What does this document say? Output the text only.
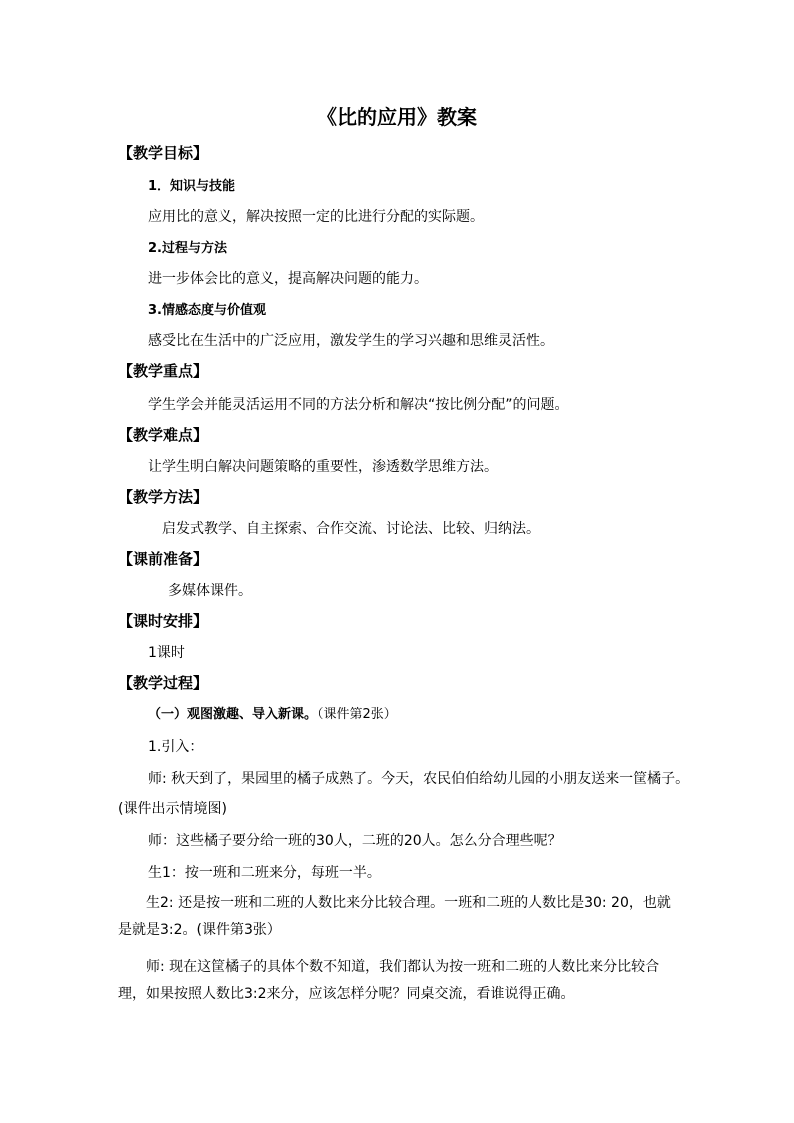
《比的应用》教案
【教学目标】
1．知识与技能
应用比的意义，解决按照一定的比进行分配的实际题。
2.过程与方法
进一步体会比的意义，提高解决问题的能力。
3.情感态度与价值观
感受比在生活中的广泛应用，激发学生的学习兴趣和思维灵活性。
【教学重点】
学生学会并能灵活运用不同的方法分析和解决“按比例分配”的问题。
【教学难点】
让学生明白解决问题策略的重要性，渗透数学思维方法。
【教学方法】
启发式教学、自主探索、合作交流、讨论法、比较、归纳法。
【课前准备】
多媒体课件。
【课时安排】
1课时
【教学过程】
（一）观图激趣、导入新课。（课件第2张）
1.引入：
师: 秋天到了，果园里的橘子成熟了。今天，农民伯伯给幼儿园的小朋友送来一筐橘子。
(课件出示情境图)
师：这些橘子要分给一班的30人，二班的20人。怎么分合理些呢？
生1：按一班和二班来分，每班一半。
生2: 还是按一班和二班的人数比来分比较合理。一班和二班的人数比是30: 20，也就是就是3:2。(课件第3张）
师: 现在这筐橘子的具体个数不知道，我们都认为按一班和二班的人数比来分比较合理，如果按照人数比3:2来分，应该怎样分呢？同桌交流，看谁说得正确。
